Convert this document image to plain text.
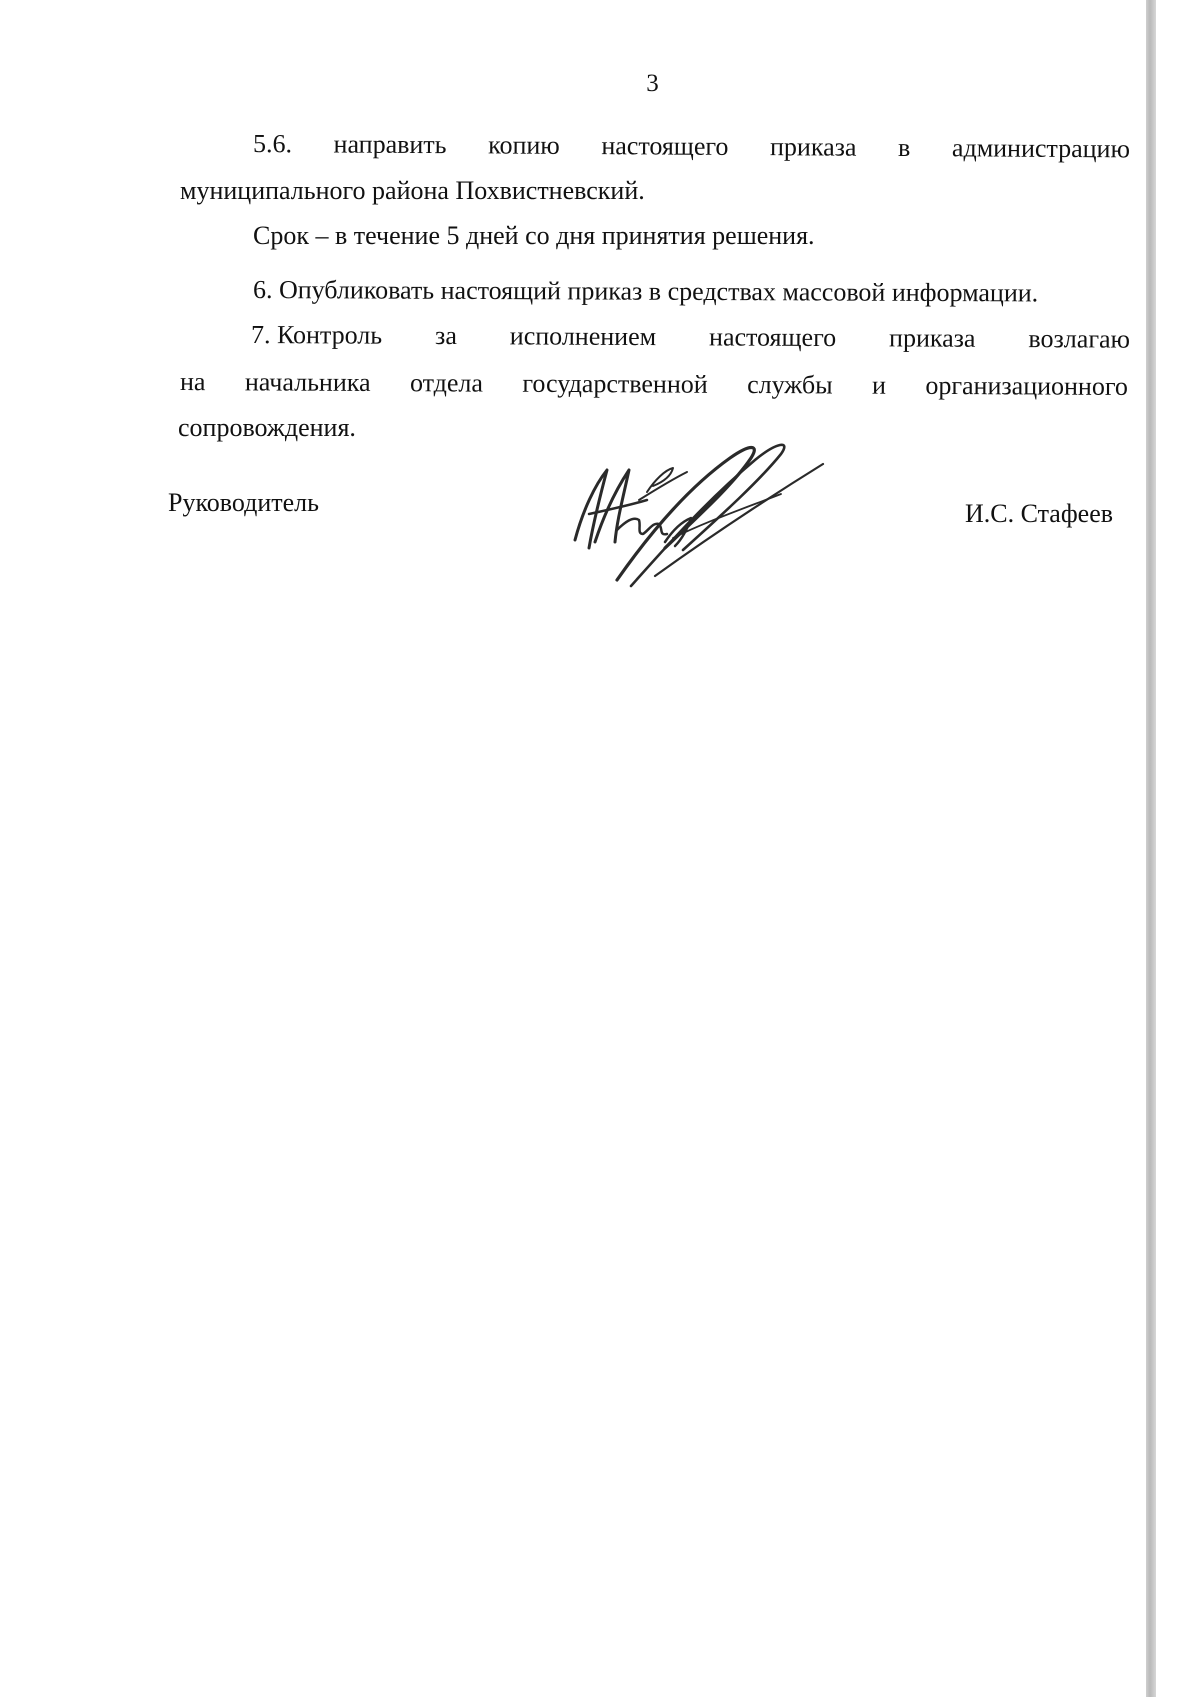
3
5.6. направить копию настоящего приказа в администрацию
муниципального района Похвистневский.
Срок – в течение 5 дней со дня принятия решения.
6. Опубликовать настоящий приказ в средствах массовой информации.
7. Контроль за исполнением настоящего приказа возлагаю
на начальника отдела государственной службы и организационного
сопровождения.
Руководитель	И.С. Стафеев
